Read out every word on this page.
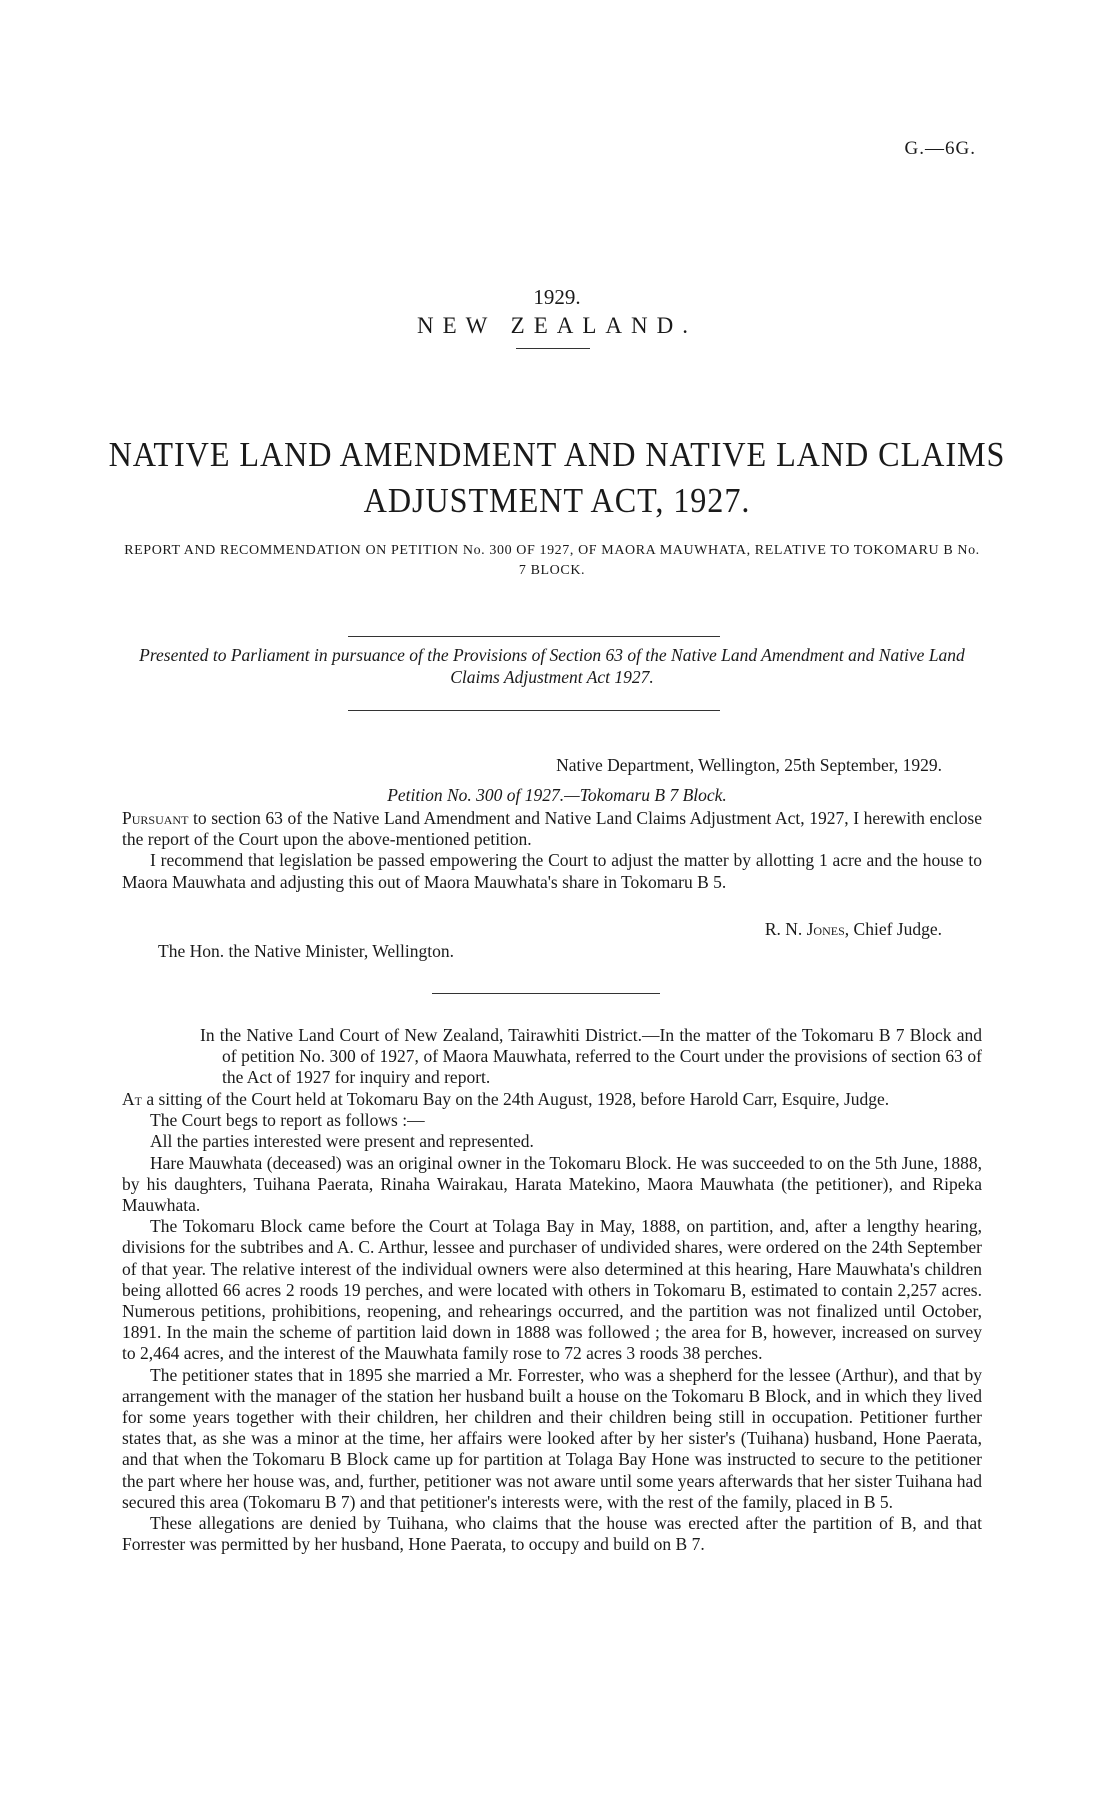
G.—6G.
1929.
NEW ZEALAND.
NATIVE LAND AMENDMENT AND NATIVE LAND CLAIMS
ADJUSTMENT ACT, 1927.
REPORT AND RECOMMENDATION ON PETITION No. 300 OF 1927, OF MAORA MAUWHATA, RELATIVE TO TOKOMARU B No. 7 BLOCK.
Presented to Parliament in pursuance of the Provisions of Section 63 of the Native Land Amendment and Native Land Claims Adjustment Act 1927.
Native Department, Wellington, 25th September, 1929.
Petition No. 300 of 1927.—Tokomaru B 7 Block.

Pursuant to section 63 of the Native Land Amendment and Native Land Claims Adjustment Act, 1927, I herewith enclose the report of the Court upon the above-mentioned petition.

I recommend that legislation be passed empowering the Court to adjust the matter by allotting 1 acre and the house to Maora Mauwhata and adjusting this out of Maora Mauwhata's share in Tokomaru B 5.

R. N. Jones, Chief Judge.
The Hon. the Native Minister, Wellington.
In the Native Land Court of New Zealand, Tairawhiti District.—In the matter of the Tokomaru B 7 Block and of petition No. 300 of 1927, of Maora Mauwhata, referred to the Court under the provisions of section 63 of the Act of 1927 for inquiry and report.

At a sitting of the Court held at Tokomaru Bay on the 24th August, 1928, before Harold Carr, Esquire, Judge.

The Court begs to report as follows :—

All the parties interested were present and represented.

Hare Mauwhata (deceased) was an original owner in the Tokomaru Block. He was succeeded to on the 5th June, 1888, by his daughters, Tuihana Paerata, Rinaha Wairakau, Harata Matekino, Maora Mauwhata (the petitioner), and Ripeka Mauwhata.

The Tokomaru Block came before the Court at Tolaga Bay in May, 1888, on partition, and, after a lengthy hearing, divisions for the subtribes and A. C. Arthur, lessee and purchaser of undivided shares, were ordered on the 24th September of that year. The relative interest of the individual owners were also determined at this hearing, Hare Mauwhata's children being allotted 66 acres 2 roods 19 perches, and were located with others in Tokomaru B, estimated to contain 2,257 acres. Numerous petitions, prohibitions, reopening, and rehearings occurred, and the partition was not finalized until October, 1891. In the main the scheme of partition laid down in 1888 was followed ; the area for B, however, increased on survey to 2,464 acres, and the interest of the Mauwhata family rose to 72 acres 3 roods 38 perches.

The petitioner states that in 1895 she married a Mr. Forrester, who was a shepherd for the lessee (Arthur), and that by arrangement with the manager of the station her husband built a house on the Tokomaru B Block, and in which they lived for some years together with their children, her children and their children being still in occupation. Petitioner further states that, as she was a minor at the time, her affairs were looked after by her sister's (Tuihana) husband, Hone Paerata, and that when the Tokomaru B Block came up for partition at Tolaga Bay Hone was instructed to secure to the petitioner the part where her house was, and, further, petitioner was not aware until some years afterwards that her sister Tuihana had secured this area (Tokomaru B 7) and that petitioner's interests were, with the rest of the family, placed in B 5.

These allegations are denied by Tuihana, who claims that the house was erected after the partition of B, and that Forrester was permitted by her husband, Hone Paerata, to occupy and build on B 7.
